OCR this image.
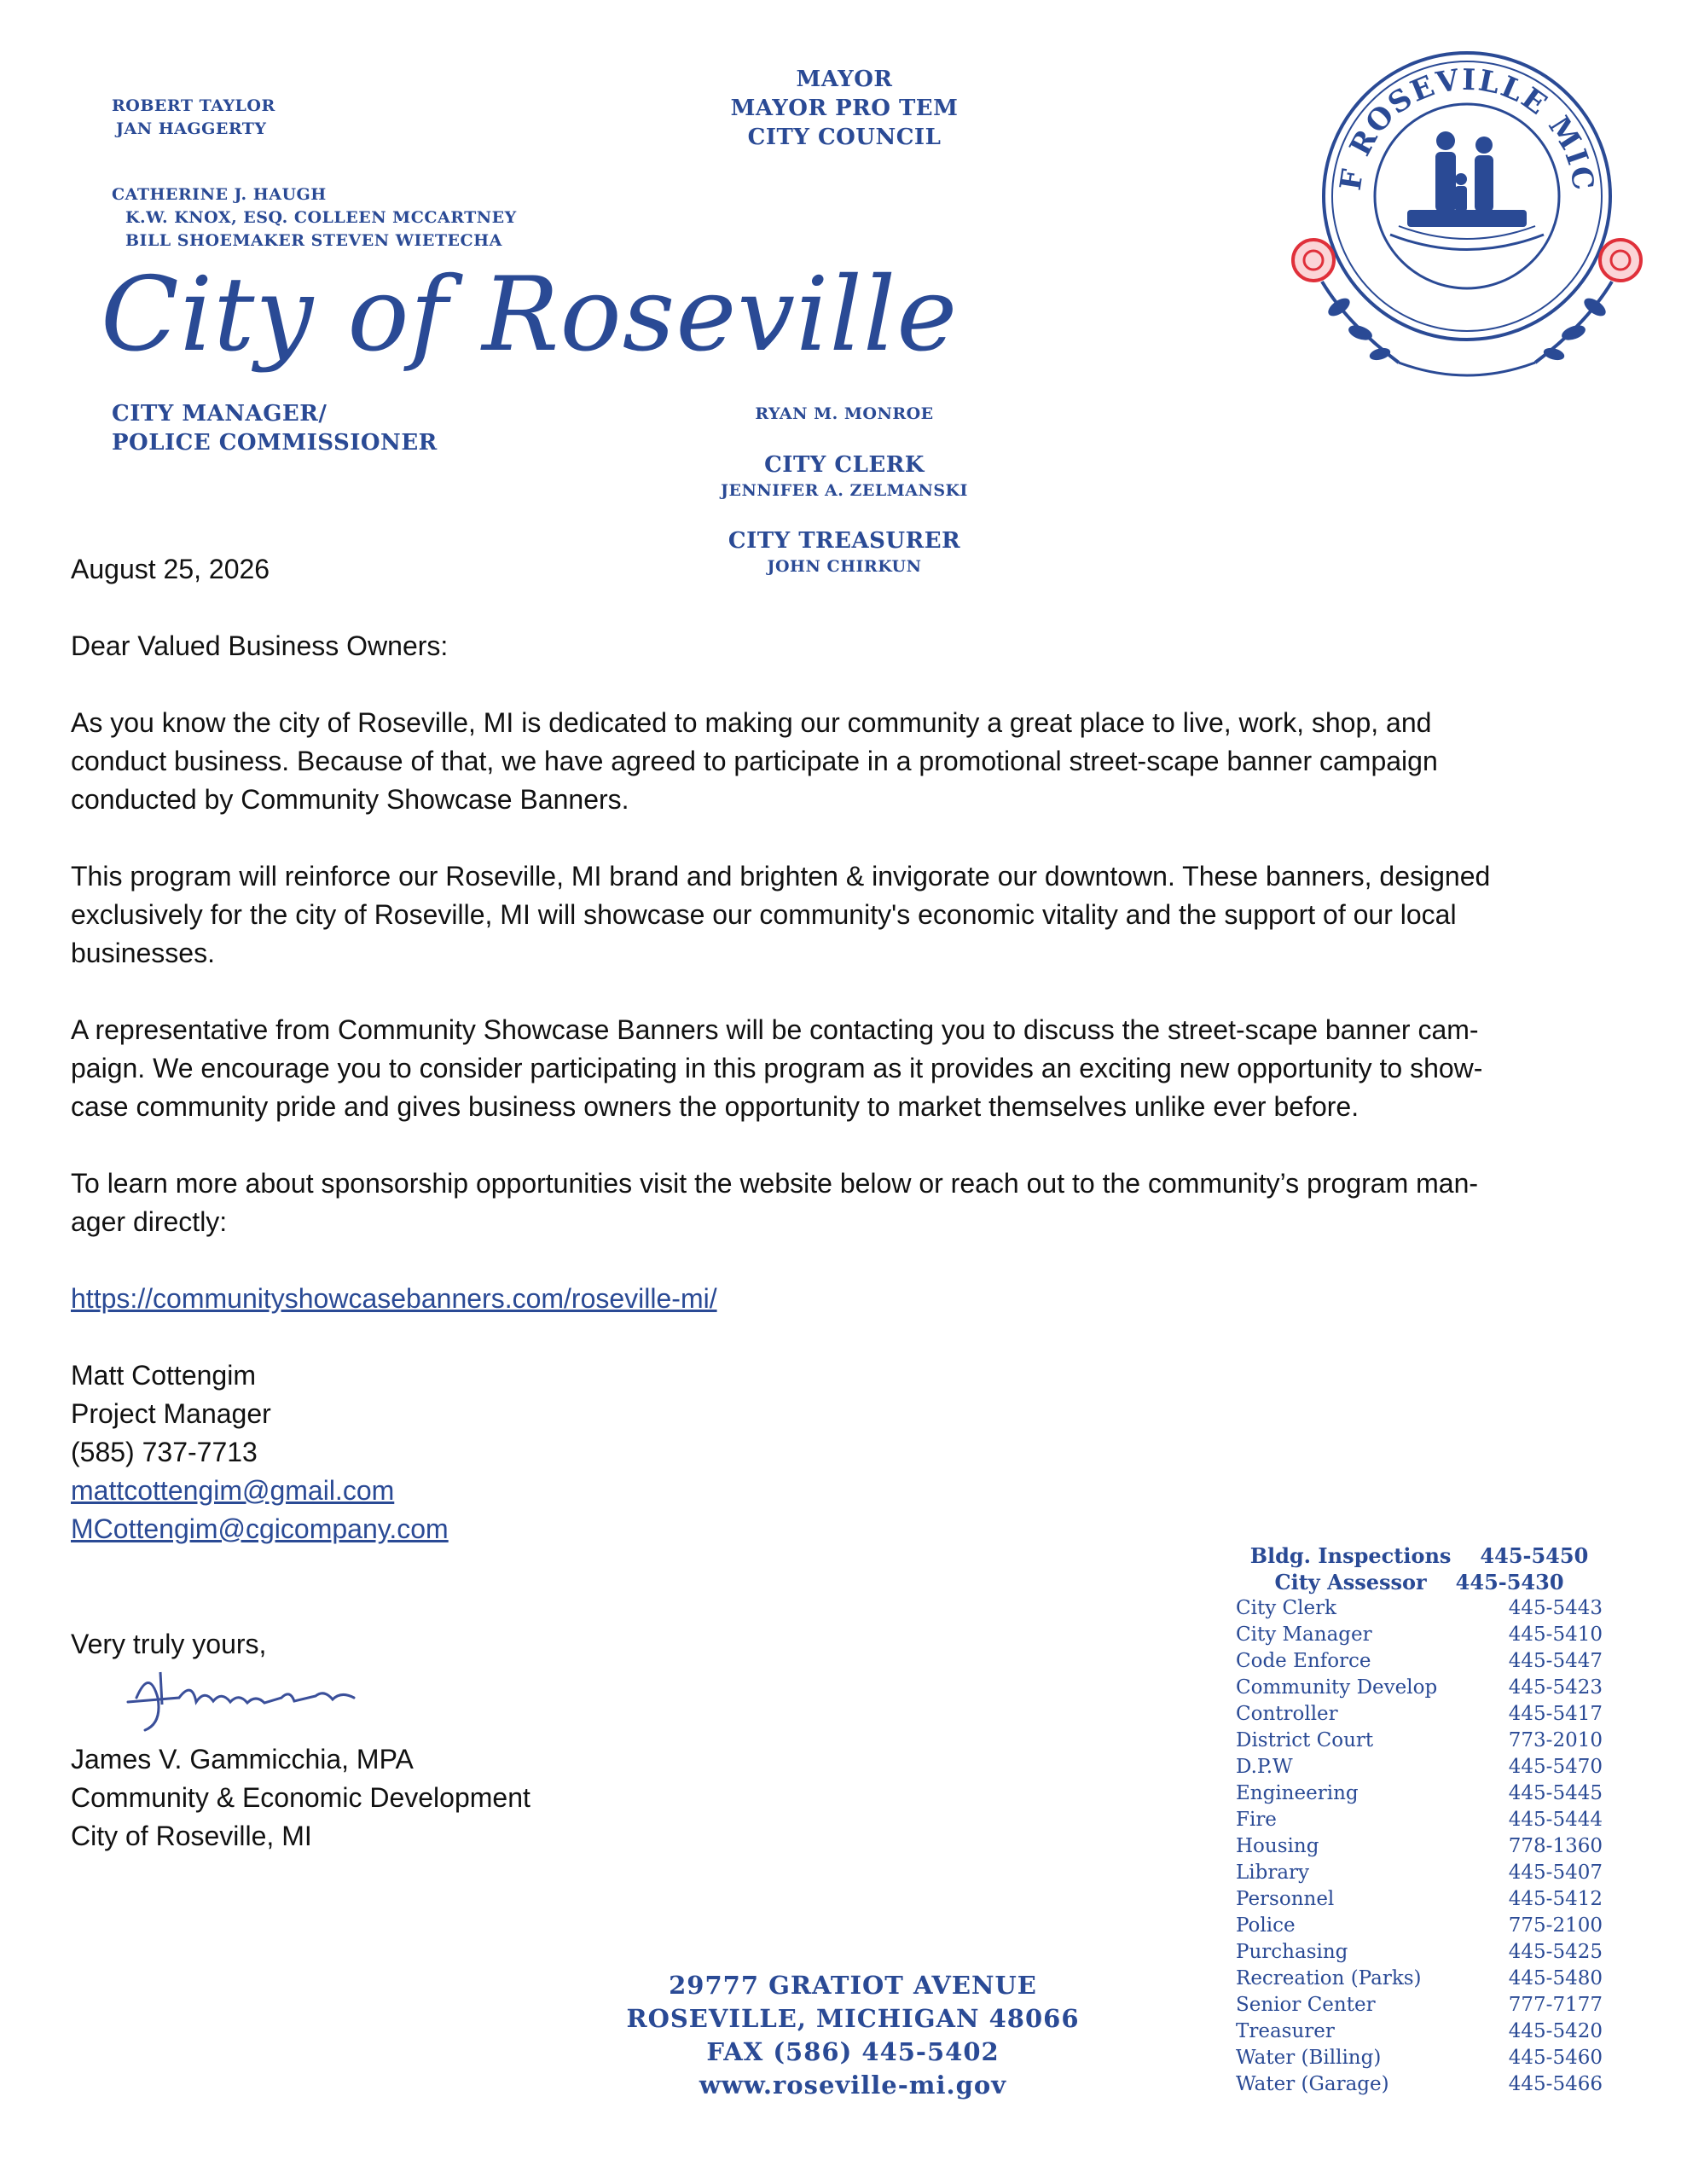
ROBERT TAYLOR
JAN HAGGERTY
MAYOR
MAYOR PRO TEM
CITY COUNCIL
CATHERINE J. HAUGH
K.W. KNOX, ESQ. COLLEEN MCCARTNEY
BILL SHOEMAKER STEVEN WIETECHA
City of Roseville
CITY MANAGER/
POLICE COMMISSIONER
RYAN M. MONROE
CITY CLERK
JENNIFER A. ZELMANSKI
CITY TREASURER
JOHN CHIRKUN
F ROSEVILLE MIC
August 25, 2026
Dear Valued Business Owners:
As you know the city of Roseville, MI is dedicated to making our community a great place to live, work, shop, and
conduct business. Because of that, we have agreed to participate in a promotional street-scape banner campaign
conducted by Community Showcase Banners.
This program will reinforce our Roseville, MI brand and brighten & invigorate our downtown. These banners, designed
exclusively for the city of Roseville, MI will showcase our community's economic vitality and the support of our local
businesses.
A representative from Community Showcase Banners will be contacting you to discuss the street-scape banner cam-
paign. We encourage you to consider participating in this program as it provides an exciting new opportunity to show-
case community pride and gives business owners the opportunity to market themselves unlike ever before.
To learn more about sponsorship opportunities visit the website below or reach out to the community’s program man-
ager directly:
https://communityshowcasebanners.com/roseville-mi/
Matt Cottengim
Project Manager
(585) 737-7713
mattcottengim@gmail.com
MCottengim@cgicompany.com
Very truly yours,
James V. Gammicchia, MPA
Community & Economic Development
City of Roseville, MI
29777 GRATIOT AVENUE
ROSEVILLE, MICHIGAN 48066
FAX (586) 445-5402
www.roseville-mi.gov
Bldg. Inspections 445-5450
City Assessor 445-5430
City Clerk	445-5443
City Manager	445-5410
Code Enforce	445-5447
Community Develop	445-5423
Controller	445-5417
District Court	773-2010
D.P.W	445-5470
Engineering	445-5445
Fire	445-5444
Housing	778-1360
Library	445-5407
Personnel	445-5412
Police	775-2100
Purchasing	445-5425
Recreation (Parks)	445-5480
Senior Center	777-7177
Treasurer	445-5420
Water (Billing)	445-5460
Water (Garage)	445-5466
